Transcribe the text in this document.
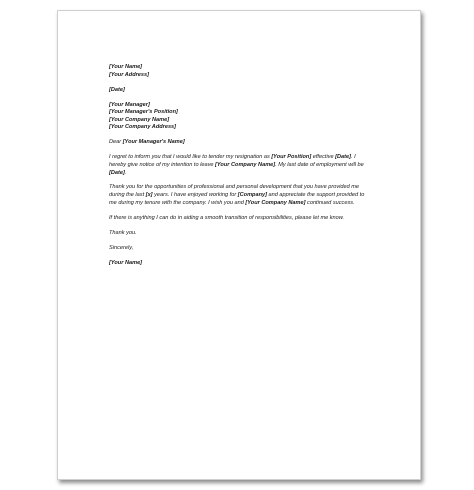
[Your Name]
[Your Address]
[Date]
[Your Manager]
[Your Manager's Position]
[Your Company Name]
[Your Company Address]

Dear [Your Manager's Name]

I regret to inform you that I would like to tender my resignation as [Your Position] effective [Date]. I hereby give notice of my intention to leave [Your Company Name]. My last date of employment will be [Date].

Thank you for the opportunities of professional and personal development that you have provided me during the last [x] years. I have enjoyed working for [Company] and appreciate the support provided to me during my tenure with the company. I wish you and [Your Company Name] continued success.

If there is anything I can do in aiding a smooth transition of responsibilities, please let me know.

Thank you.

Sincerely,

[Your Name]
